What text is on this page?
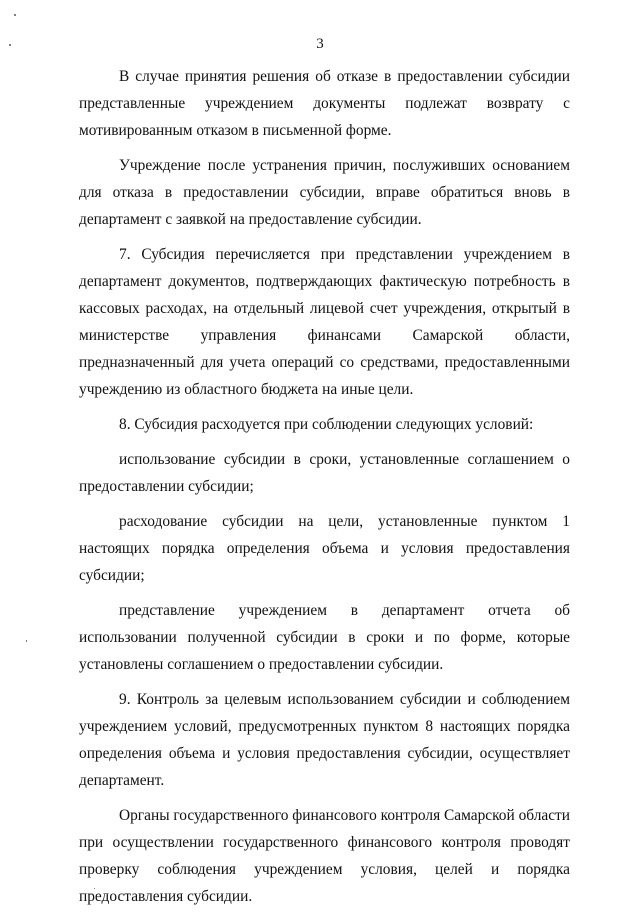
3

В случае принятия решения об отказе в предоставлении субсидии представленные учреждением документы подлежат возврату с мотивированным отказом в письменной форме.

Учреждение после устранения причин, послуживших основанием для отказа в предоставлении субсидии, вправе обратиться вновь в департамент с заявкой на предоставление субсидии.

7. Субсидия перечисляется при представлении учреждением в департамент документов, подтверждающих фактическую потребность в кассовых расходах, на отдельный лицевой счет учреждения, открытый в министерстве управления финансами Самарской области, предназначенный для учета операций со средствами, предоставленными учреждению из областного бюджета на иные цели.

8. Субсидия расходуется при соблюдении следующих условий:

использование субсидии в сроки, установленные соглашением о предоставлении субсидии;

расходование субсидии на цели, установленные пунктом 1 настоящих порядка определения объема и условия предоставления субсидии;

представление учреждением в департамент отчета об использовании полученной субсидии в сроки и по форме, которые установлены соглашением о предоставлении субсидии.

9. Контроль за целевым использованием субсидии и соблюдением учреждением условий, предусмотренных пунктом 8 настоящих порядка определения объема и условия предоставления субсидии, осуществляет департамент.

Органы государственного финансового контроля Самарской области при осуществлении государственного финансового контроля проводят проверку соблюдения учреждением условия, целей и порядка предоставления субсидии.
